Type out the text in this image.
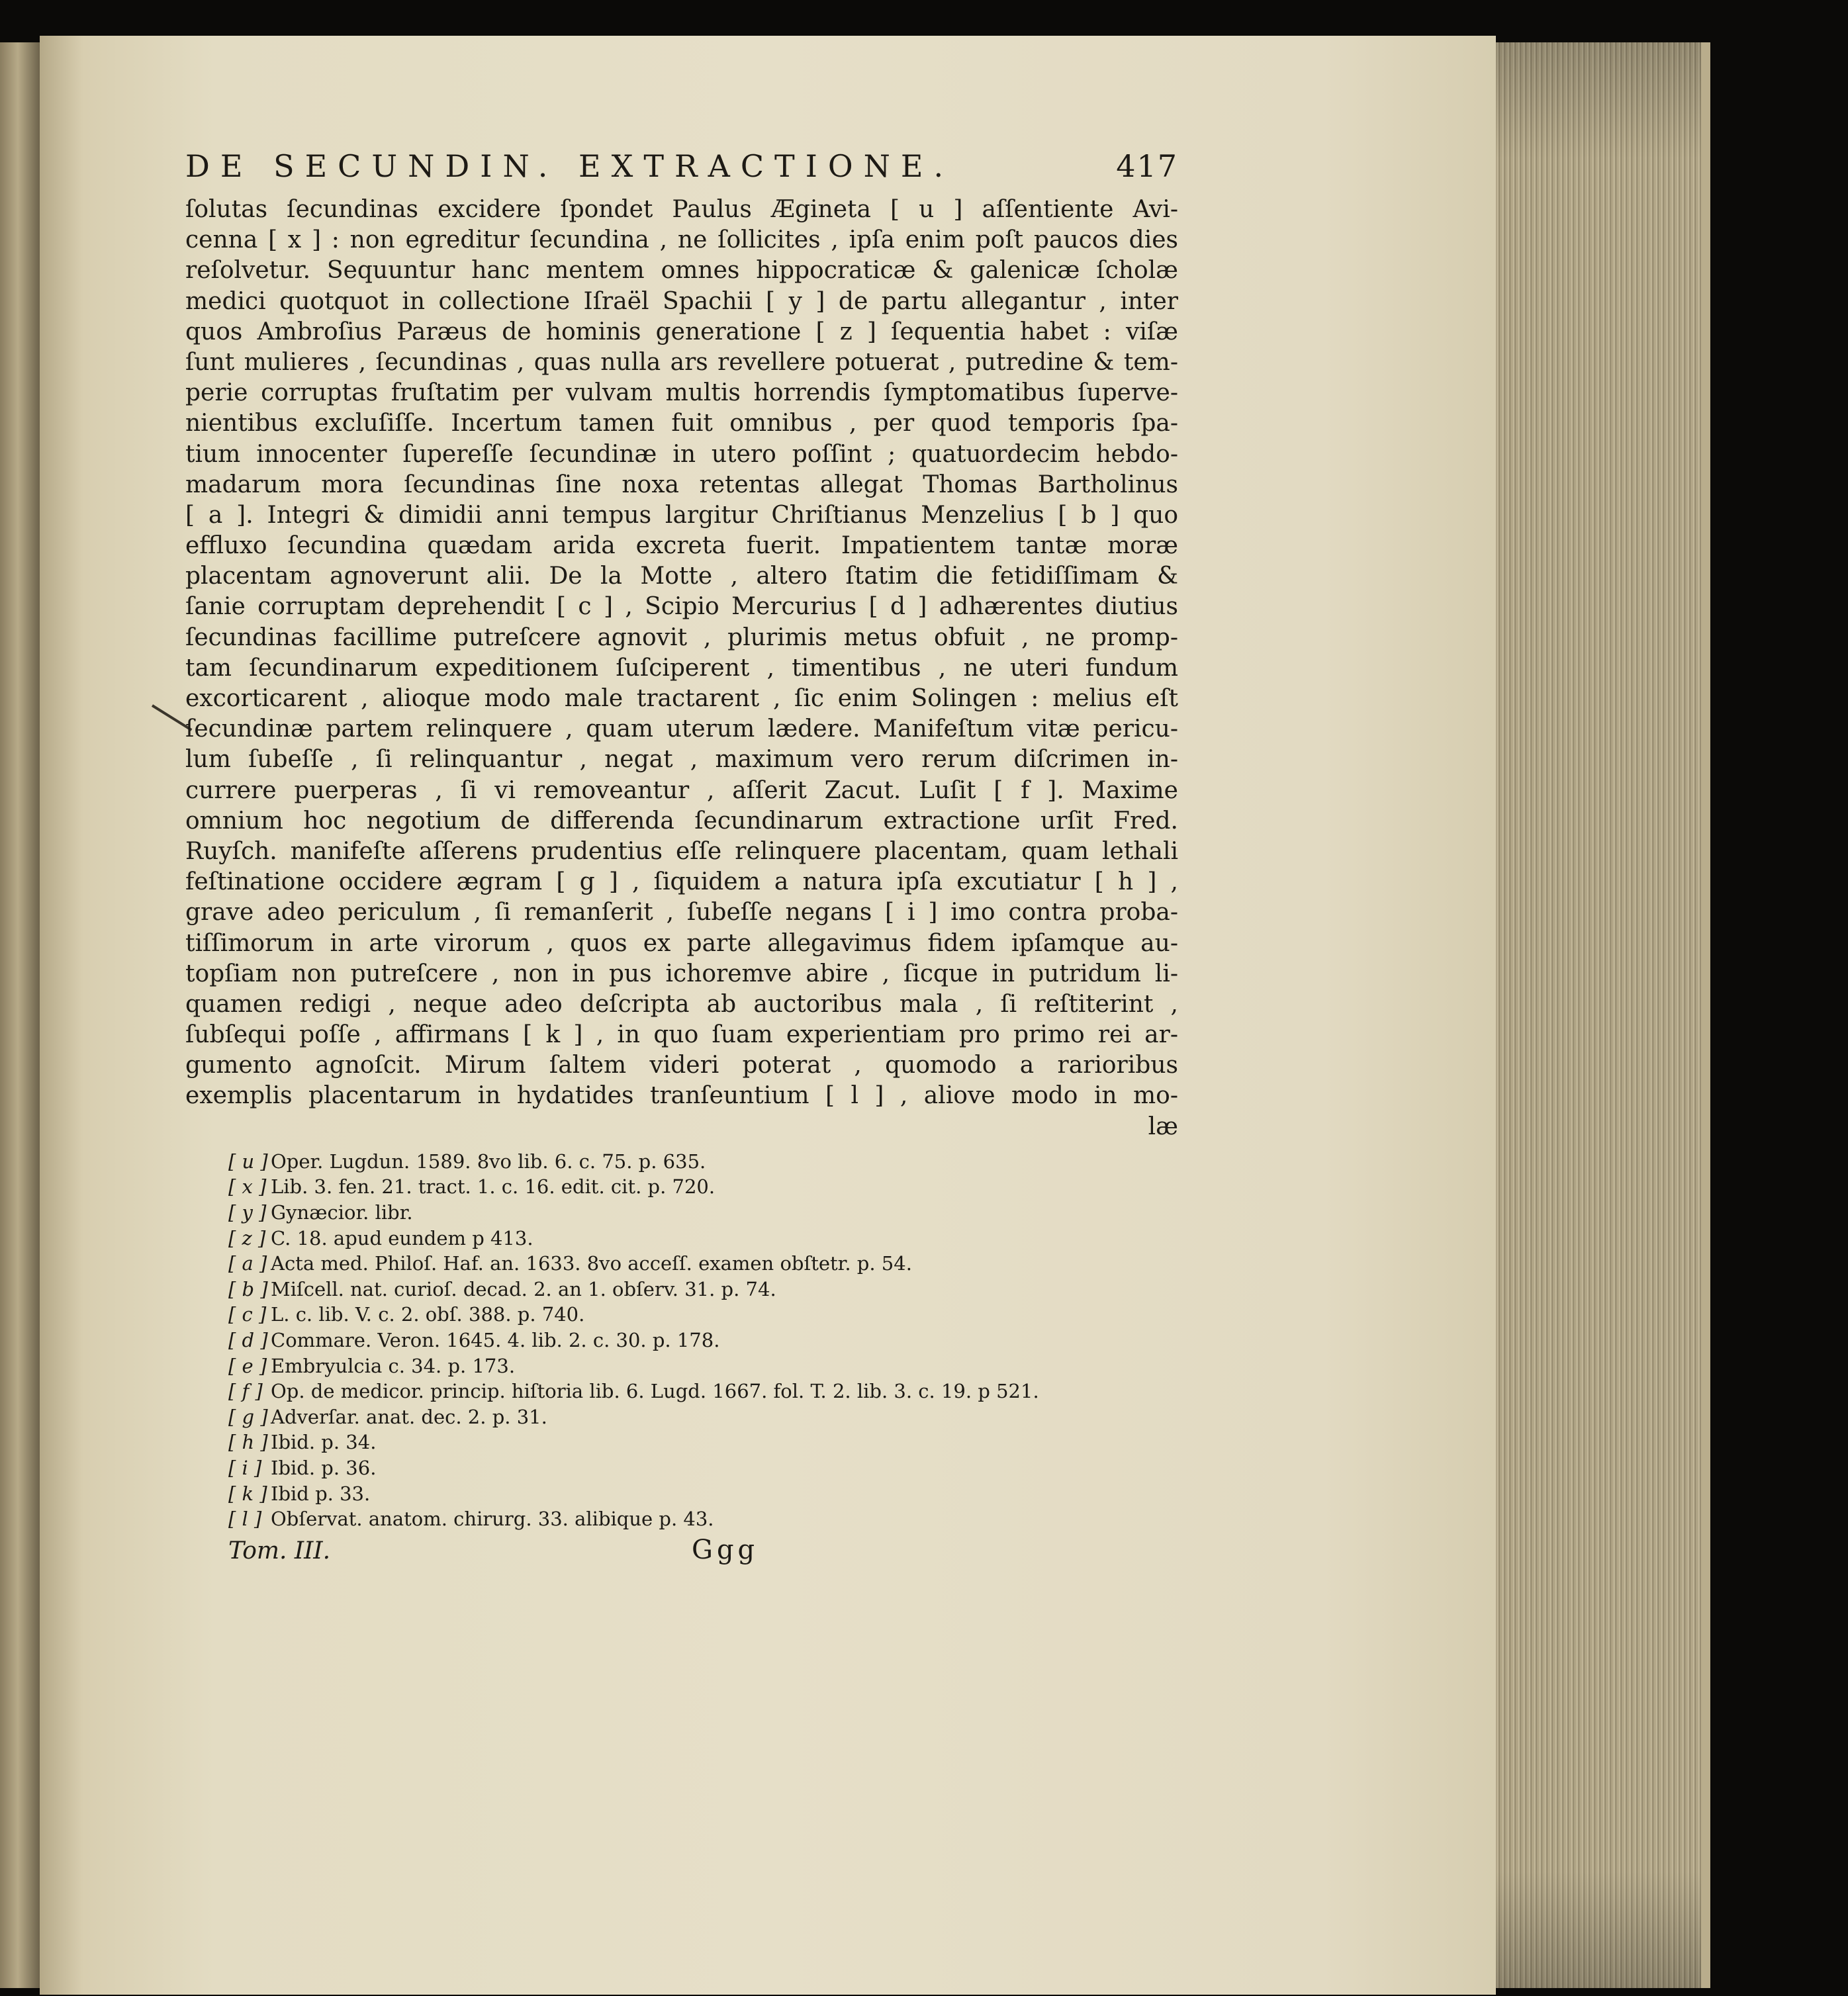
DE SECUNDIN. EXTRACTIONE.	417
ſolutas ſecundinas excidere ſpondet Paulus Ægineta [ u ] aſſentiente Avi-
cenna [ x ] : non egreditur ſecundina , ne ſollicites , ipſa enim poſt paucos dies
reſolvetur. Sequuntur hanc mentem omnes hippocraticæ & galenicæ ſcholæ
medici quotquot in collectione Iſraël Spachii [ y ] de partu allegantur , inter
quos Ambroſius Paræus de hominis generatione [ z ] ſequentia habet : viſæ
ſunt mulieres , ſecundinas , quas nulla ars revellere potuerat , putredine & tem-
perie corruptas fruſtatim per vulvam multis horrendis ſymptomatibus ſuperve-
nientibus excluſiſſe. Incertum tamen fuit omnibus , per quod temporis ſpa-
tium innocenter ſupereſſe ſecundinæ in utero poſſint ; quatuordecim hebdo-
madarum mora ſecundinas ſine noxa retentas allegat Thomas Bartholinus
[ a ]. Integri & dimidii anni tempus largitur Chriſtianus Menzelius [ b ] quo
effluxo ſecundina quædam arida excreta fuerit. Impatientem tantæ moræ
placentam agnoverunt alii. De la Motte , altero ſtatim die fetidiſſimam &
ſanie corruptam deprehendit [ c ] , Scipio Mercurius [ d ] adhærentes diutius
ſecundinas facillime putreſcere agnovit , plurimis metus obfuit , ne promp-
tam ſecundinarum expeditionem ſuſciperent , timentibus , ne uteri fundum
excorticarent , alioque modo male tractarent , ſic enim Solingen : melius eſt
ſecundinæ partem relinquere , quam uterum lædere. Manifeſtum vitæ pericu-
lum ſubeſſe , ſi relinquantur , negat , maximum vero rerum diſcrimen in-
currere puerperas , ſi vi removeantur , aſſerit Zacut. Luſit [ f ]. Maxime
omnium hoc negotium de differenda ſecundinarum extractione urſit Fred.
Ruyſch. manifeſte aſſerens prudentius eſſe relinquere placentam, quam lethali
feſtinatione occidere ægram [ g ] , ſiquidem a natura ipſa excutiatur [ h ] ,
grave adeo periculum , ſi remanſerit , ſubeſſe negans [ i ] imo contra proba-
tiſſimorum in arte virorum , quos ex parte allegavimus fidem ipſamque au-
topſiam non putreſcere , non in pus ichoremve abire , ſicque in putridum li-
quamen redigi , neque adeo deſcripta ab auctoribus mala , ſi reſtiterint ,
ſubſequi poſſe , affirmans [ k ] , in quo ſuam experientiam pro primo rei ar-
gumento agnoſcit. Mirum ſaltem videri poterat , quomodo a rarioribus
exemplis placentarum in hydatides tranſeuntium [ l ] , aliove modo in mo-
læ
[ u ] Oper. Lugdun. 1589. 8vo lib. 6. c. 75. p. 635.
[ x ] Lib. 3. fen. 21. tract. 1. c. 16. edit. cit. p. 720.
[ y ] Gynæcior. libr.
[ z ] C. 18. apud eundem p 413.
[ a ] Acta med. Philoſ. Haf. an. 1633. 8vo acceſſ. examen obſtetr. p. 54.
[ b ] Miſcell. nat. curioſ. decad. 2. an 1. obſerv. 31. p. 74.
[ c ] L. c. lib. V. c. 2. obſ. 388. p. 740.
[ d ] Commare. Veron. 1645. 4. lib. 2. c. 30. p. 178.
[ e ] Embryulcia c. 34. p. 173.
[ f ] Op. de medicor. princip. hiſtoria lib. 6. Lugd. 1667. fol. T. 2. lib. 3. c. 19. p 521.
[ g ] Adverſar. anat. dec. 2. p. 31.
[ h ] Ibid. p. 34.
[ i ] Ibid. p. 36.
[ k ] Ibid p. 33.
[ l ] Obſervat. anatom. chirurg. 33. alibique p. 43.
Tom. III.	Ggg
